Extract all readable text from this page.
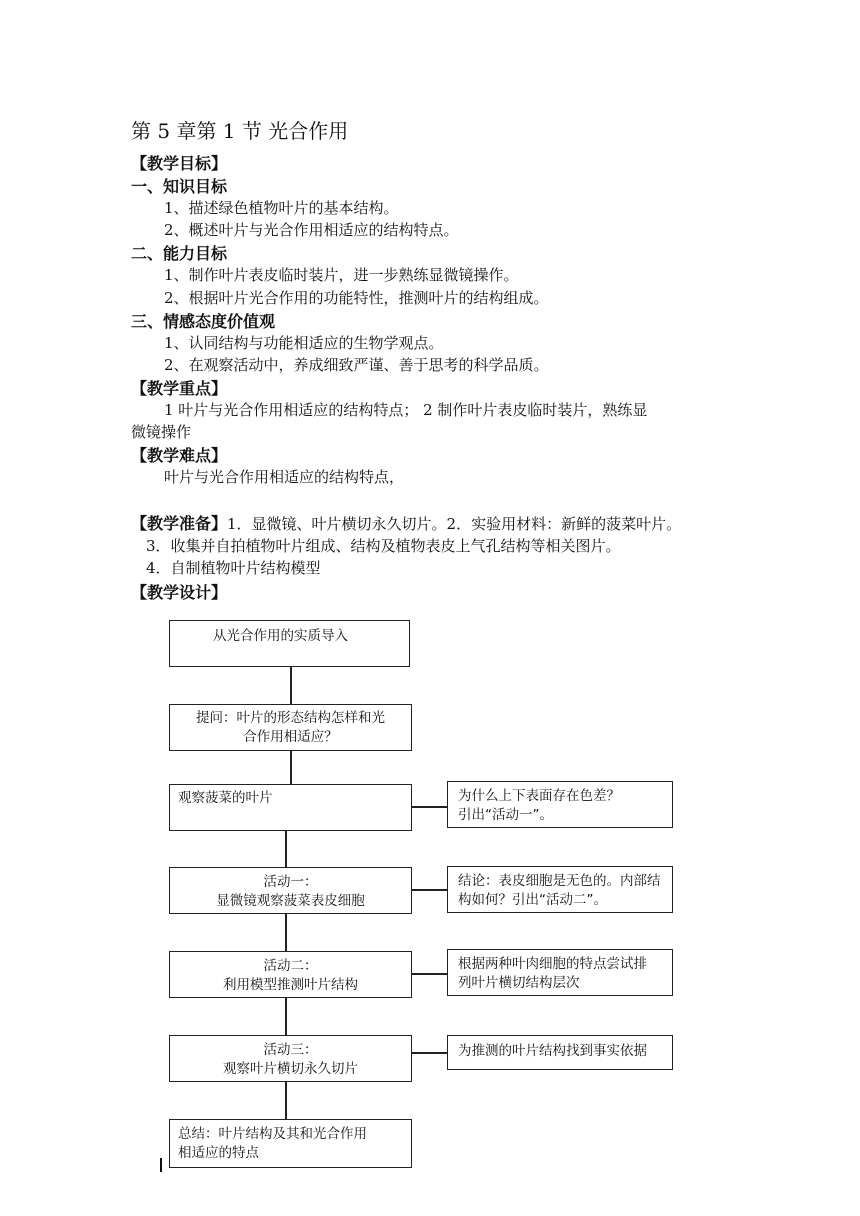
第 5 章第 1 节 光合作用
【教学目标】
一、知识目标
1、描述绿色植物叶片的基本结构。
2、概述叶片与光合作用相适应的结构特点。
二、能力目标
1、制作叶片表皮临时装片，进一步熟练显微镜操作。
2、根据叶片光合作用的功能特性，推测叶片的结构组成。
三、情感态度价值观
1、认同结构与功能相适应的生物学观点。
2、在观察活动中，养成细致严谨、善于思考的科学品质。
【教学重点】
1 叶片与光合作用相适应的结构特点； 2 制作叶片表皮临时装片，熟练显
微镜操作
【教学难点】
叶片与光合作用相适应的结构特点，
【教学准备】1．显微镜、叶片横切永久切片。2．实验用材料：新鲜的菠菜叶片。
3．收集并自拍植物叶片组成、结构及植物表皮上气孔结构等相关图片。
4．自制植物叶片结构模型
【教学设计】
从光合作用的实质导入
提问：叶片的形态结构怎样和光
合作用相适应？
观察菠菜的叶片	为什么上下表面存在色差？
引出“活动一”。
活动一：
显微镜观察菠菜表皮细胞
结论：表皮细胞是无色的。内部结
构如何？引出“活动二”。
活动二：
利用模型推测叶片结构
根据两种叶肉细胞的特点尝试排
列叶片横切结构层次
活动三：
观察叶片横切永久切片
为推测的叶片结构找到事实依据
总结：叶片结构及其和光合作用
相适应的特点
